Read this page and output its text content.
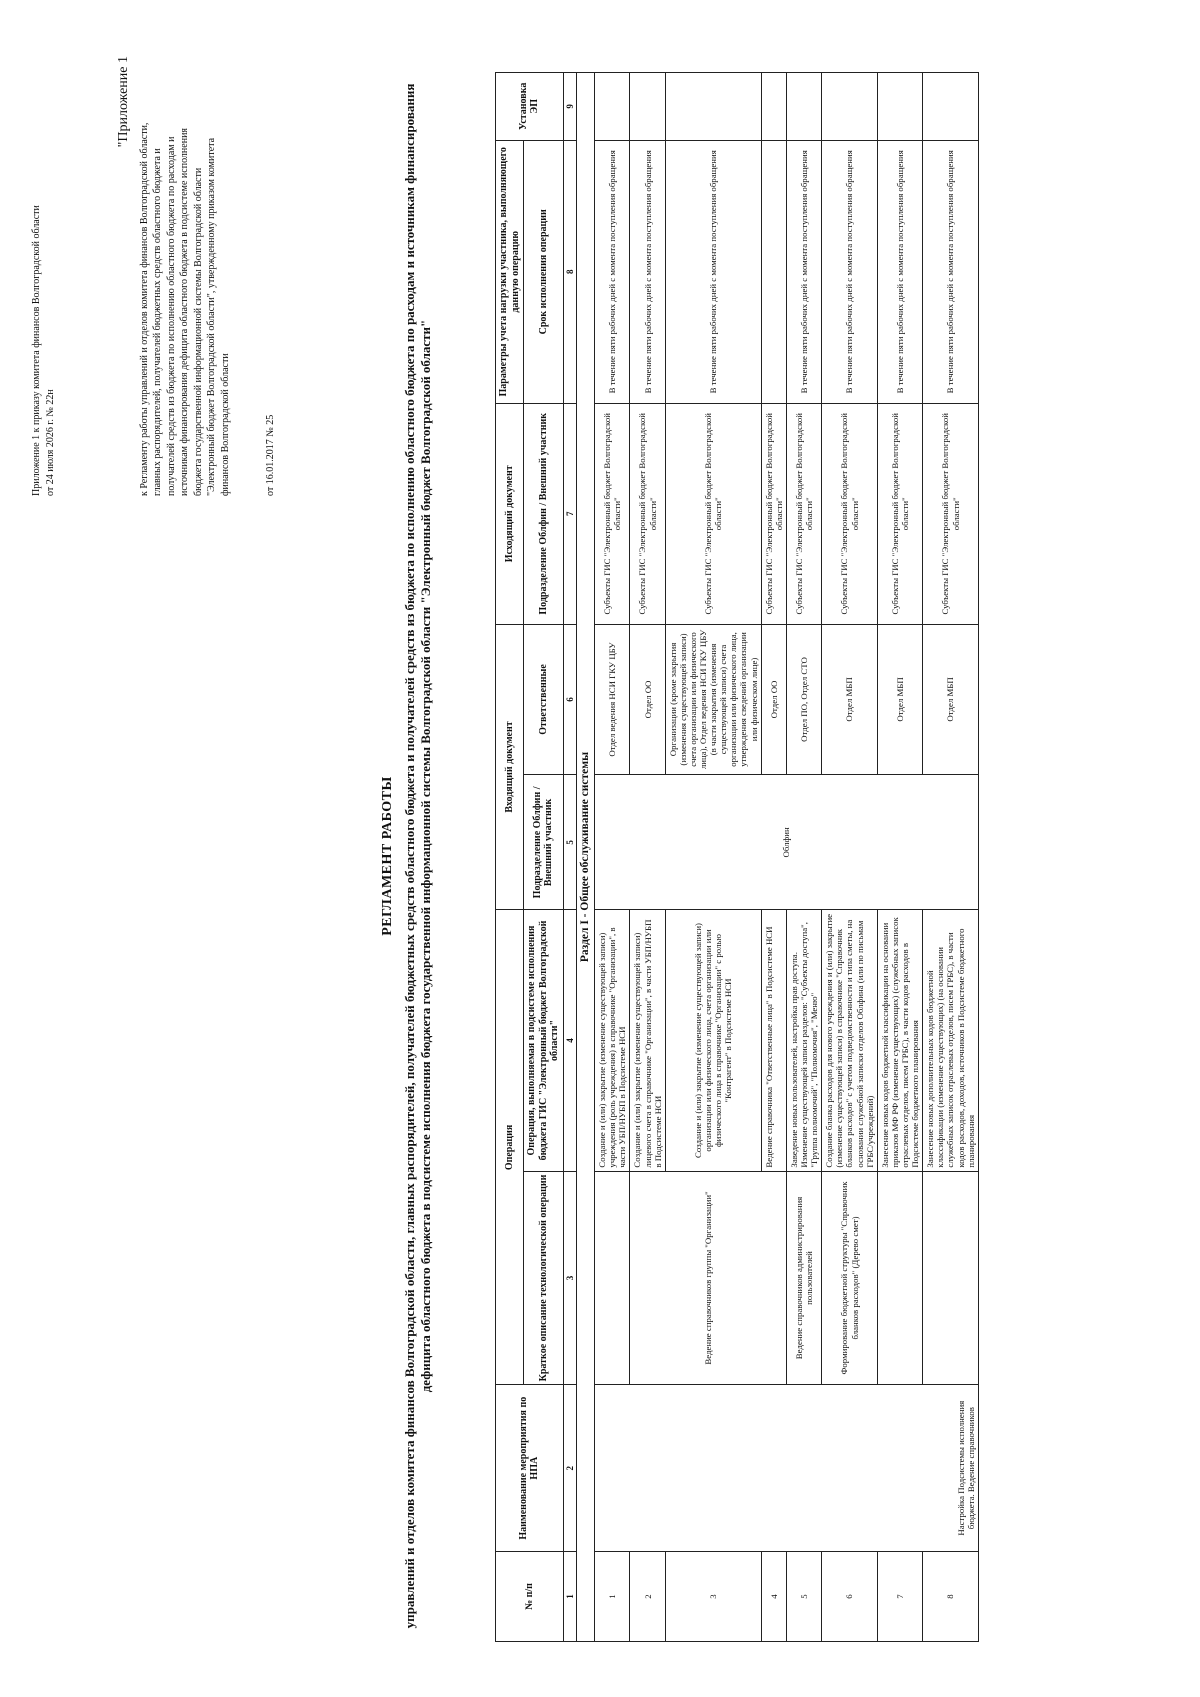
Приложение 1 к приказу комитета финансов Волгоградской области от 24 июля 2026 г. № 22н
"Приложение 1
к Регламенту работы управлений и отделов комитета финансов Волгоградской области, главных распорядителей, получателей бюджетных средств областного бюджета и получателей средств из бюджета по исполнению областного бюджета по расходам и источникам финансирования дефицита областного бюджета в подсистеме исполнения бюджета государственной информационной системы Волгоградской области "Электронный бюджет Волгоградской области", утвержденному приказом комитета финансов Волгоградской области	от 16.01.2017 № 25
РЕГЛАМЕНТ РАБОТЫ управлений и отделов комитета финансов Волгоградской области, главных распорядителей, получателей бюджетных средств областного бюджета и получателей средств из бюджета по исполнению областного бюджета по расходам и источникам финансирования дефицита областного бюджета в подсистеме исполнения бюджета государственной информационной системы Волгоградской области "Электронный бюджет Волгоградской области"
№ п/п	Наименование мероприятия по НПА	Операция		Входящий документ		Исходящий документ	Параметры учета нагрузки участника, выполняющего данную операцию	Установка ЭП
		Краткое описание технологической операции	Операция, выполняемая в подсистеме исполнения бюджета ГИС "Электронный бюджет Волгоградской области"	Подразделение Облфин / Внешний участник	Ответственные	Подразделение Облфин / Внешний участник	Срок исполнения операции	
1	2	3	4	5	6	7	8	9
Раздел I - Общее обслуживание системы								
1	Настройка Подсистемы исполнения бюджета. Ведение справочников		Создание и (или) закрытие (изменение существующей записи) учреждения (роль учреждения) в справочнике "Организации", в части УБП/НУБП в Подсистеме НСИ	Облфин	Отдел ведения НСИ ГКУ ЦБУ	Субъекты ГИС "Электронный бюджет Волгоградской области"	В течение пяти рабочих дней с момента поступления обращения	
2		Ведение справочников группы "Организации"	Создание и (или) закрытие (изменение существующей записи) лицевого счета в справочнике "Организации", в части УБП/НУБП в Подсистеме НСИ		Отдел ОО	Субъекты ГИС "Электронный бюджет Волгоградской области"	В течение пяти рабочих дней с момента поступления обращения	
3			Создание и (или) закрытие (изменение существующей записи) организации или физического лица, счета организации или физического лица в справочнике "Организации" с ролью "Контрагент" в Подсистеме НСИ		Организации (кроме закрытия (изменения существующей записи) счета организации или физического лица), Отдел ведения НСИ ГКУ ЦБУ (в части закрытия (изменения существующей записи) счета организации или физического лица, утверждения сведений организации или физическом лице)	Субъекты ГИС "Электронный бюджет Волгоградской области"	В течение пяти рабочих дней с момента поступления обращения	
4			Ведение справочника "Ответственные лица" в Подсистеме НСИ		Отдел ОО	Субъекты ГИС "Электронный бюджет Волгоградской области"		
5		Ведение справочников администрирования пользователей	Заведение новых пользователей, настройка прав доступа. Изменение существующей записи разделов: "Субъекты доступа", "Группа полномочий", "Полномочия", "Меню"		Отдел ПО, Отдел СТО	Субъекты ГИС "Электронный бюджет Волгоградской области"	В течение пяти рабочих дней с момента поступления обращения	
6		Формирование бюджетной структуры "Справочник бланков расходов" (Дерево смет)	Создание бланка расходов для нового учреждения и (или) закрытие (изменение существующей записи) в справочнике "Справочник бланков расходов" с учетом подведомственности и типа сметы, на основании служебной записки отделов Облфина (или по письмам ГРБС/учреждений)		Отдел МБП	Субъекты ГИС "Электронный бюджет Волгоградской области"	В течение пяти рабочих дней с момента поступления обращения	
7			Занесение новых кодов бюджетной классификации на основании приказов МФ РФ (изменение существующих) (служебных записок отраслевых отделов, писем ГРБС), в части кодов расходов в Подсистеме бюджетного планирования		Отдел МБП	Субъекты ГИС "Электронный бюджет Волгоградской области"	В течение пяти рабочих дней с момента поступления обращения	
8			Занесение новых дополнительных кодов бюджетной классификации (изменение существующих) (на основании служебных записок отраслевых отделов, писем ГРБС), в части кодов расходов, доходов, источников в Подсистеме бюджетного планирования		Отдел МБП	Субъекты ГИС "Электронный бюджет Волгоградской области"	В течение пяти рабочих дней с момента поступления обращения	
